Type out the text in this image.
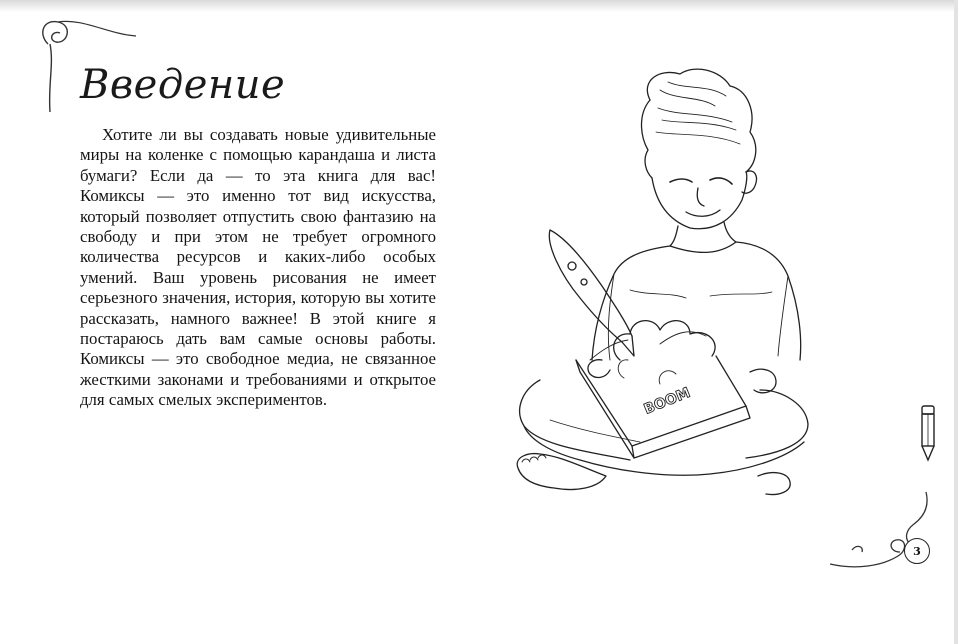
Введение

Хотите ли вы создавать новые удивительные миры на коленке с помощью карандаша и листа бумаги? Если да — то эта книга для вас! Комиксы — это именно тот вид искусства, который позволяет отпустить свою фантазию на свободу и при этом не требует огромного количества ресурсов и каких-либо особых умений. Ваш уровень рисования не имеет серьезного значения, история, которую вы хотите рассказать, намного важнее! В этой книге я постараюсь дать вам самые основы работы. Комиксы — это свободное медиа, не связанное жесткими законами и требованиями и открытое для самых смелых экспериментов.	BOOM
3
